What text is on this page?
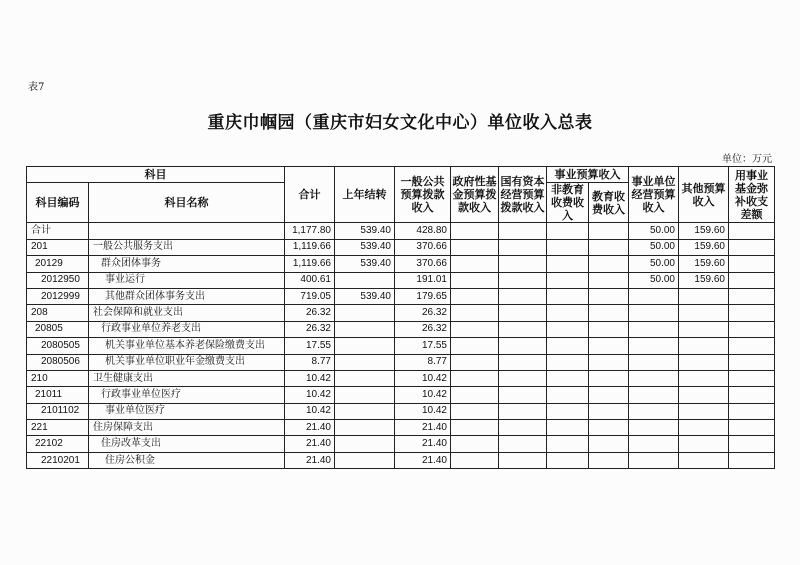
表7
重庆巾帼园（重庆市妇女文化中心）单位收入总表
单位：万元
科目		合计	上年结转	一般公共预算拨款收入	政府性基金预算拨款收入	国有资本经营预算拨款收入	事业预算收入		事业单位经营预算收入	其他预算收入	用事业基金弥补收支差额
科目编码	科目名称						非教育收费收入	教育收费收入			
合计		1,177.80	539.40	428.80					50.00	159.60	
201	一般公共服务支出	1,119.66	539.40	370.66					50.00	159.60	
20129	群众团体事务	1,119.66	539.40	370.66					50.00	159.60	
2012950	事业运行	400.61		191.01					50.00	159.60	
2012999	其他群众团体事务支出	719.05	539.40	179.65							
208	社会保障和就业支出	26.32		26.32							
20805	行政事业单位养老支出	26.32		26.32							
2080505	机关事业单位基本养老保险缴费支出	17.55		17.55							
2080506	机关事业单位职业年金缴费支出	8.77		8.77							
210	卫生健康支出	10.42		10.42							
21011	行政事业单位医疗	10.42		10.42							
2101102	事业单位医疗	10.42		10.42							
221	住房保障支出	21.40		21.40							
22102	住房改革支出	21.40		21.40							
2210201	住房公积金	21.40		21.40							
